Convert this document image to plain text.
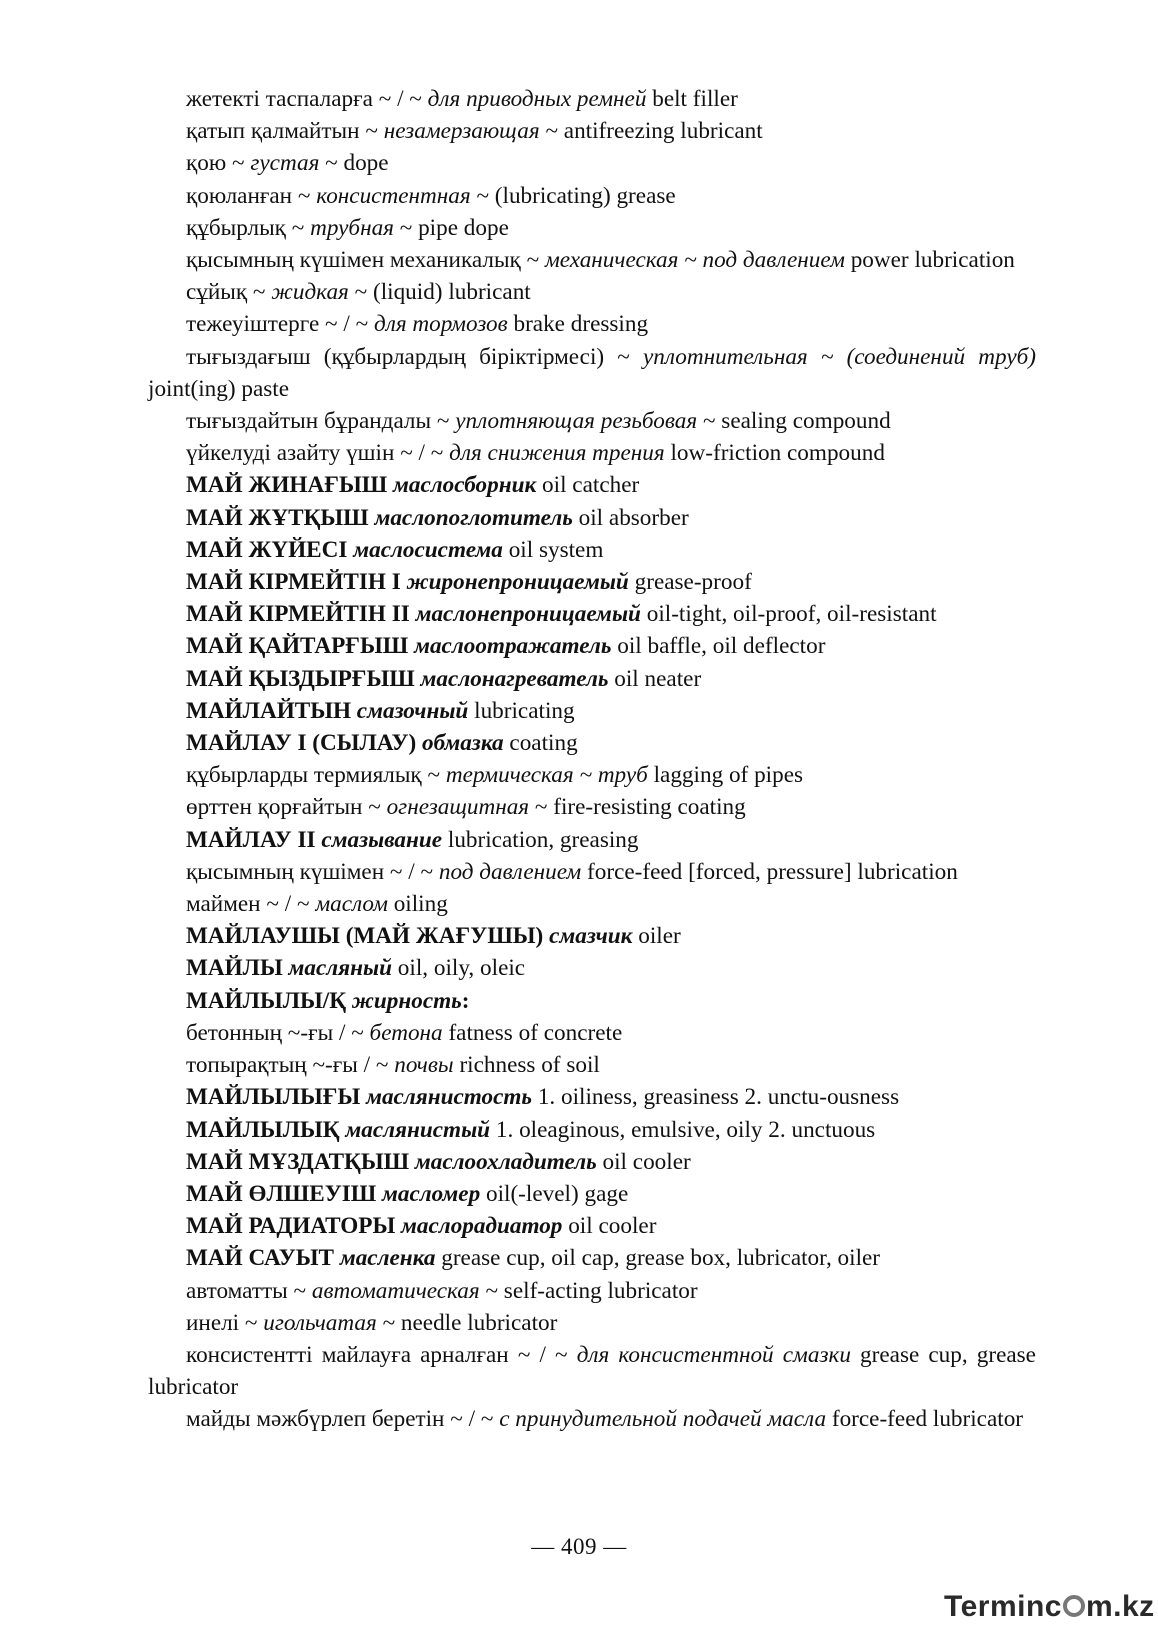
жетекті таспаларға ~ / ~ для приводных ремней belt filler
қатып қалмайтын ~ незамерзающая ~ antifreezing lubricant
қою ~ густая ~ dope
қоюланған ~ консистентная ~ (lubricating) grease
құбырлық ~ трубная ~ pipe dope
қысымның күшімен механикалық ~ механическая ~ под давлением power lubrication
сұйық ~ жидкая ~ (liquid) lubricant
тежеуіштерге ~ / ~ для тормозов brake dressing
тығыздағыш (құбырлардың біріктірмесі) ~ уплотнительная ~ (соединений труб) joint(ing) paste
тығыздайтын бұрандалы ~ уплотняющая резьбовая ~ sealing compound
үйкелуді азайту үшін ~ / ~ для снижения трения low-friction compound
МАЙ ЖИНАҒЫШ маслосборник oil catcher
МАЙ ЖҰТҚЫШ маслопоглотитель oil absorber
МАЙ ЖҮЙЕСІ маслосистема oil system
МАЙ КІРМЕЙТІН I жиронепроницаемый grease-proof
МАЙ КІРМЕЙТІН II маслонепроницаемый oil-tight, oil-proof, oil-resistant
МАЙ ҚАЙТАРҒЫШ маслоотражатель oil baffle, oil deflector
МАЙ ҚЫЗДЫРҒЫШ маслонагреватель oil neater
МАЙЛАЙТЫН смазочный lubricating
МАЙЛАУ I (СЫЛАУ) обмазка coating
құбырларды термиялық ~ термическая ~ труб lagging of pipes
өрттен қорғайтын ~ огнезащитная ~ fire-resisting coating
МАЙЛАУ II смазывание lubrication, greasing
қысымның күшімен ~ / ~ под давлением force-feed [forced, pressure] lubrication
маймен ~ / ~ маслом oiling
МАЙЛАУШЫ (МАЙ ЖАҒУШЫ) смазчик oiler
МАЙЛЫ масляный oil, oily, oleic
МАЙЛЫЛЫ/Қ жирность:
бетонның ~-ғы / ~ бетона fatness of concrete
топырақтың ~-ғы / ~ почвы richness of soil
МАЙЛЫЛЫҒЫ маслянистость 1. oiliness, greasiness 2. unctu-ousness
МАЙЛЫЛЫҚ маслянистый 1. oleaginous, emulsive, oily 2. unctuous
МАЙ МҰЗДАТҚЫШ маслоохладитель oil cooler
МАЙ ӨЛШЕУІШ масломер oil(-level) gage
МАЙ РАДИАТОРЫ маслорадиатор oil cooler
МАЙ САУЫТ масленка grease cup, oil cap, grease box, lubricator, oiler
автоматты ~ автоматическая ~ self-acting lubricator
инелі ~ игольчатая ~ needle lubricator
консистентті майлауға арналған ~ / ~ для консистентной смазки grease cup, grease lubricator
майды мәжбүрлеп беретін ~ / ~ с принудительной подачей масла force-feed lubricator
— 409 —
Terminc m.kz
